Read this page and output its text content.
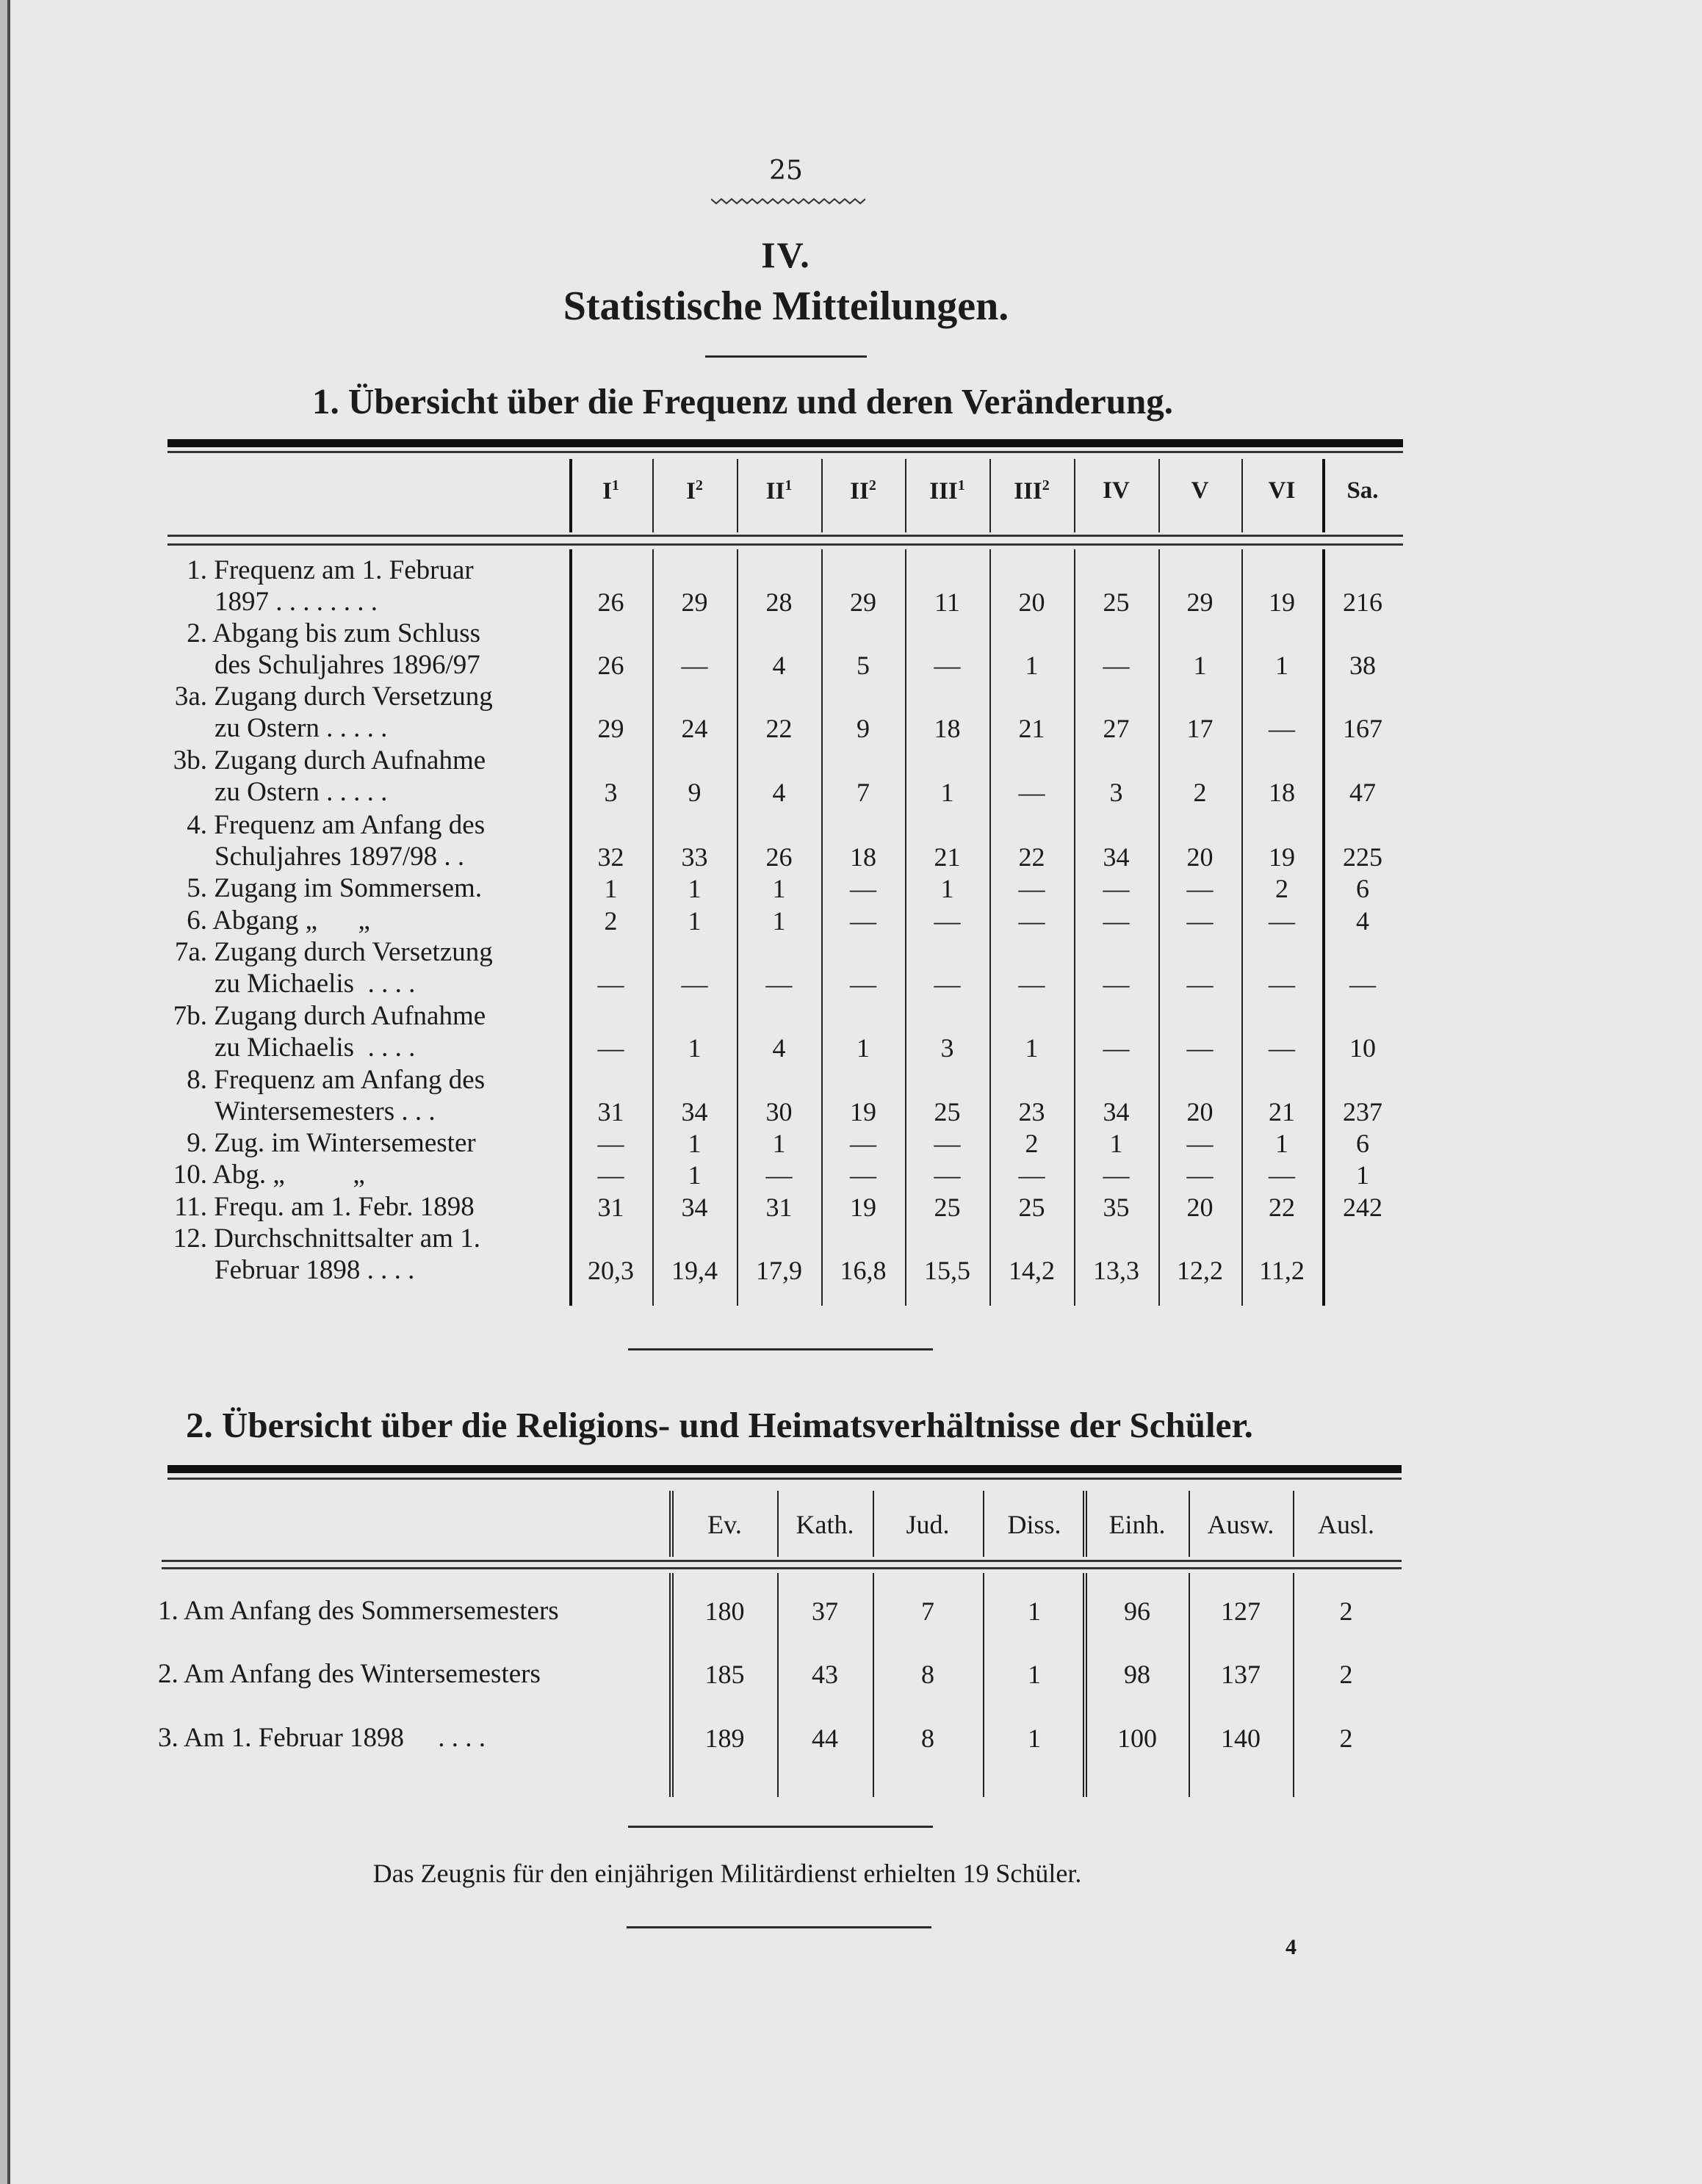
25
IV.
Statistische Mitteilungen.
1. Übersicht über die Frequenz und deren Veränderung.
$I^1$	$I^2$	$II^1$	$II^2$	III$^1$	III$^2$	IV	V	VI	Sa.
1. Frequenz am 1. Februar
1897 . . . . . . . .	26	29	28	29	11	20	25	29	19	216
2. Abgang bis zum Schluss
des Schuljahres 1896/97	26	—	4	5	—	1	—	1	1	38
3a. Zugang durch Versetzung
zu Ostern . . . . .	29	24	22	9	18	21	27	17	—	167
3b. Zugang durch Aufnahme
zu Ostern . . . . .	3	9	4	7	1	—	3	2	18	47
4. Frequenz am Anfang des
Schuljahres 1897/98 . .	32	33	26	18	21	22	34	20	19	225
5. Zugang im Sommersem.	1	1	1	—	1	—	—	—	2	6
6. Abgang „      „	2	1	1	—	—	—	—	—	—	4
7a. Zugang durch Versetzung
zu Michaelis  . . . .	—	—	—	—	—	—	—	—	—	—
7b. Zugang durch Aufnahme
zu Michaelis  . . . .	—	1	4	1	3	1	—	—	—	10
8. Frequenz am Anfang des
Wintersemesters . . .	31	34	30	19	25	23	34	20	21	237
9. Zug. im Wintersemester	—	1	1	—	—	2	1	—	1	6
10. Abg. „          „	—	1	—	—	—	—	—	—	—	1
11. Frequ. am 1. Febr. 1898	31	34	31	19	25	25	35	20	22	242
12. Durchschnittsalter am 1.
Februar 1898 . . . .	20,3	19,4	17,9	16,8	15,5	14,2	13,3	12,2	11,2
2. Übersicht über die Religions- und Heimatsverhältnisse der Schüler.
Ev.	Kath.	Jud.	Diss.	Einh.	Ausw.	Ausl.
1. Am Anfang des Sommersemesters	180	37	7	1	96	127	2
2. Am Anfang des Wintersemesters	185	43	8	1	98	137	2
3. Am 1. Februar 1898     . . . .	189	44	8	1	100	140	2
Das Zeugnis für den einjährigen Militärdienst erhielten 19 Schüler.
4
